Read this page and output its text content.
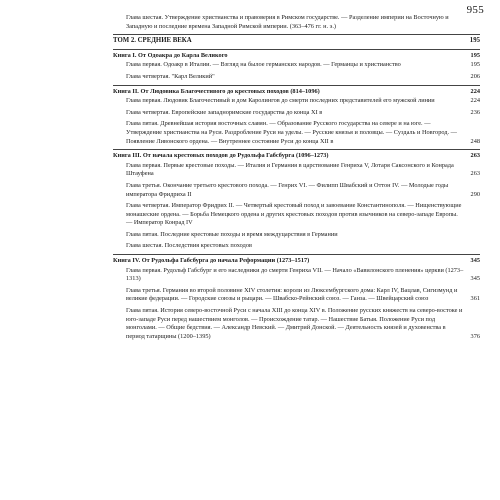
955

Глава шестая. Утверждение христианства и правоверия в Римском государстве. — Разделение империи на Восточную и Западную и последние времена Западной Римской империи. (363–476 гг. н. э.)

ТОМ 2. СРЕДНИЕ ВЕКА	195

Книга I. От Одоакра до Карла Великого	195

Глава первая. Одоакр в Италии. — Взгляд на былое германских народов. — Германцы и христианство	195

Глава четвертая. "Карл Великий"	206

Книга II. От Людовика Благочестивого до крестовых походов (814–1096)	224

Глава первая. Людовик Благочестивый и дом Каролингов до смерти последних представителей его мужской линии	224

Глава четвертая. Европейские западноримские государства до конца XI в	236

Глава пятая. Древнейшая история восточных славян. — Образование Русского государства на севере и на юге. — Утверждение христианства на Руси. Раздробление Руси на уделы. — Русские князья и половцы. — Суздаль и Новгород. — Появление Ливонского ордена. — Внутреннее состояние Руси до конца XII в	248

Книга III. От начала крестовых походов до Рудольфа Габсбурга (1096–1273)	263

Глава первая. Первые крестовые походы. — Италия и Германия в царствование Генриха V, Лотаря Саксонского и Конрада Штауфена	263

Глава третья. Окончание третьего крестового похода. — Генрих VI. — Филипп Швабский и Оттон IV. — Молодые годы императора Фридриха II	290

Глава четвертая. Император Фридрих II. — Четвертый крестовый поход и завоевание Константинополя. — Нищенствующие монашеские ордена. — Борьба Немецкого ордена и других крестовых походов против язычников на северо-западе Европы. — Император Конрад IV

Глава пятая. Последние крестовые походы и время междуцарствия в Германии

Глава шестая. Последствия крестовых походов

Книга IV. От Рудольфа Габсбурга до начала Реформации (1273–1517)	345

Глава первая. Рудольф Габсбург и его наследники до смерти Генриха VII. — Начало «Вавилонского пленения» церкви (1273–1313)	345

Глава третья. Германия во второй половине XIV столетия: короли из Люксембургского дома: Карл IV, Вацлав, Сигизмунд и великие федерации. — Городские союзы и рыцари. — Швабско-Рейнский союз. — Ганза. — Швейцарский союз	361

Глава пятая. История северо-восточной Руси с начала XIII до конца XIV в. Положение русских княжеств на северо-востоке и юго-западе Руси перед нашествием монголов. — Происхождение татар. — Нашествие Батыя. Положение Руси под монголами. — Общие бедствия. — Александр Невский. — Дмитрий Донской. — Деятельность князей и духовенства в период татарщины (1200–1395)	376
